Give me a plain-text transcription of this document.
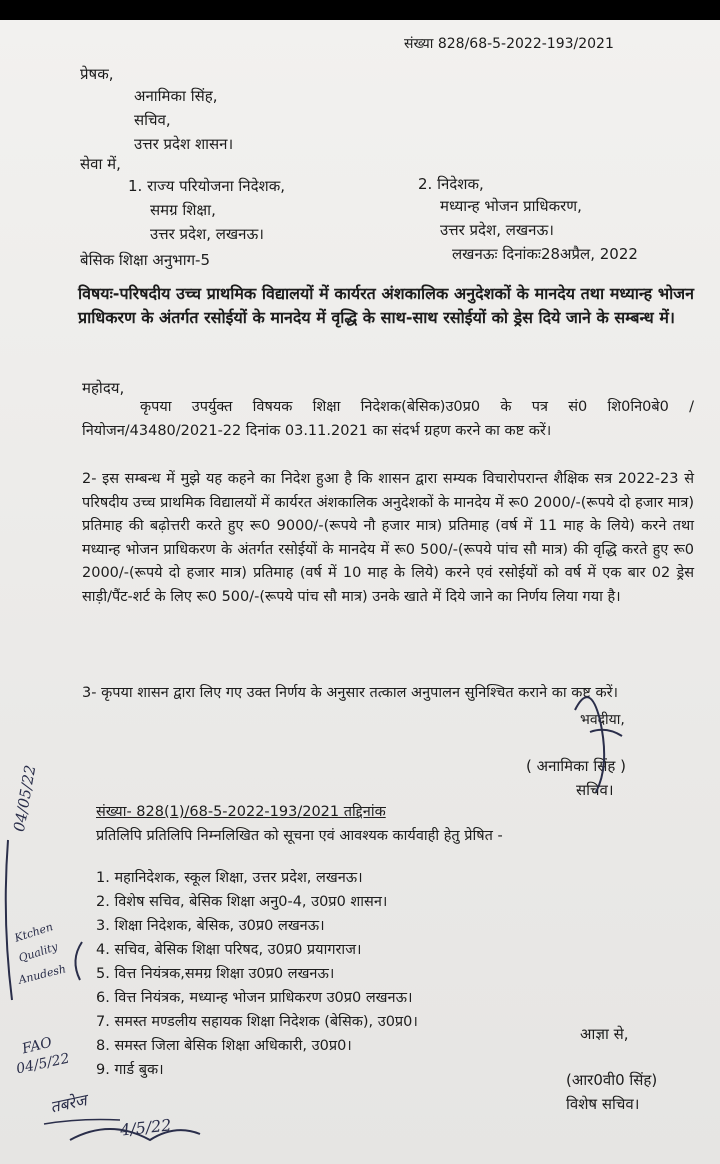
संख्या 828/68-5-2022-193/2021
प्रेषक,
अनामिका सिंह,
सचिव,
उत्तर प्रदेश शासन।
सेवा में,
1. राज्य परियोजना निदेशक,
समग्र शिक्षा,
उत्तर प्रदेश, लखनऊ।
2. निदेशक,
मध्यान्ह भोजन प्राधिकरण,
उत्तर प्रदेश, लखनऊ।
बेसिक शिक्षा अनुभाग-5	लखनऊः दिनांकः28अप्रैल, 2022
विषयः-परिषदीय उच्च प्राथमिक विद्यालयों में कार्यरत अंशकालिक अनुदेशकों के मानदेय तथा मध्यान्ह भोजन प्राधिकरण के अंतर्गत रसोईयों के मानदेय में वृद्धि के साथ-साथ रसोईयों को ड्रेस दिये जाने के सम्बन्ध में।
महोदय,
कृपया उपर्युक्त विषयक शिक्षा निदेशक(बेसिक)उ0प्र0 के पत्र सं0 शि0नि0बे0 /नियोजन/43480/2021-22 दिनांक 03.11.2021 का संदर्भ ग्रहण करने का कष्ट करें।
2- इस सम्बन्ध में मुझे यह कहने का निदेश हुआ है कि शासन द्वारा सम्यक विचारोपरान्त शैक्षिक सत्र 2022-23 से परिषदीय उच्च प्राथमिक विद्यालयों में कार्यरत अंशकालिक अनुदेशकों के मानदेय में रू0 2000/-(रूपये दो हजार मात्र) प्रतिमाह की बढ़ोत्तरी करते हुए रू0 9000/-(रूपये नौ हजार मात्र) प्रतिमाह (वर्ष में 11 माह के लिये) करने तथा मध्यान्ह भोजन प्राधिकरण के अंतर्गत रसोईयों के मानदेय में रू0 500/-(रूपये पांच सौ मात्र) की वृद्धि करते हुए रू0 2000/-(रूपये दो हजार मात्र) प्रतिमाह (वर्ष में 10 माह के लिये) करने एवं रसोईयों को वर्ष में एक बार 02 ड्रेस साड़ी/पैंट-शर्ट के लिए रू0 500/-(रूपये पांच सौ मात्र) उनके खाते में दिये जाने का निर्णय लिया गया है।
3- कृपया शासन द्वारा लिए गए उक्त निर्णय के अनुसार तत्काल अनुपालन सुनिश्चित कराने का कष्ट करें।
भवदीया,
( अनामिका सिंह )
सचिव।
संख्या- 828(1)/68-5-2022-193/2021 तद्दिनांक
प्रतिलिपि प्रतिलिपि निम्नलिखित को सूचना एवं आवश्यक कार्यवाही हेतु प्रेषित -
1. महानिदेशक, स्कूल शिक्षा, उत्तर प्रदेश, लखनऊ।
2. विशेष सचिव, बेसिक शिक्षा अनु0-4, उ0प्र0 शासन।
3. शिक्षा निदेशक, बेसिक, उ0प्र0 लखनऊ।
4. सचिव, बेसिक शिक्षा परिषद, उ0प्र0 प्रयागराज।
5. वित्त नियंत्रक,समग्र शिक्षा उ0प्र0 लखनऊ।
6. वित्त नियंत्रक, मध्यान्ह भोजन प्राधिकरण उ0प्र0 लखनऊ।
7. समस्त मण्डलीय सहायक शिक्षा निदेशक (बेसिक), उ0प्र0।
8. समस्त जिला बेसिक शिक्षा अधिकारी, उ0प्र0।
9. गार्ड बुक।
आज्ञा से,
(आर0वी0 सिंह)
विशेष सचिव।
04/05/22
Ktchen
Quality
Anudesh
FAO
04/5/22
तबरेज
4/5/22
